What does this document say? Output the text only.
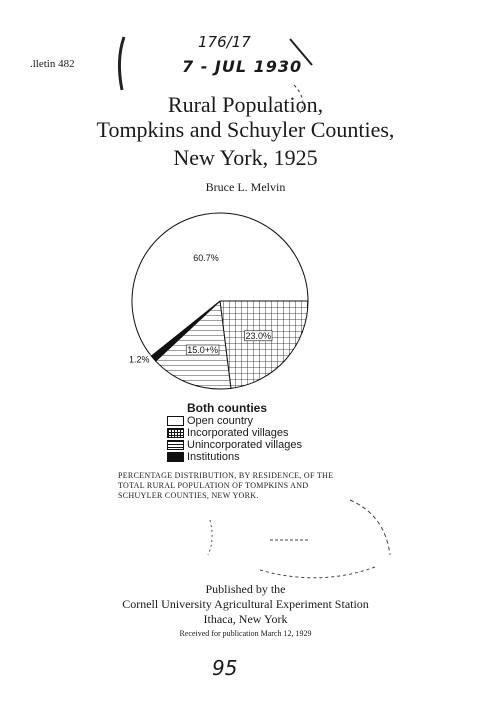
.lletin 482
176/17
7 - JUL 1930
Rural Population,
Tompkins and Schuyler Counties,
New York, 1925
Bruce L. Melvin
60.7%
23.0%
15.0+%
1.2%
Both counties
Open country
Incorporated villages
Unincorporated villages
Institutions
PERCENTAGE DISTRIBUTION, BY RESIDENCE, OF THE
TOTAL RURAL POPULATION OF TOMPKINS AND
SCHUYLER COUNTIES, NEW YORK.
Published by the
Cornell University Agricultural Experiment Station
Ithaca, New York
Received for publication March 12, 1929
95
